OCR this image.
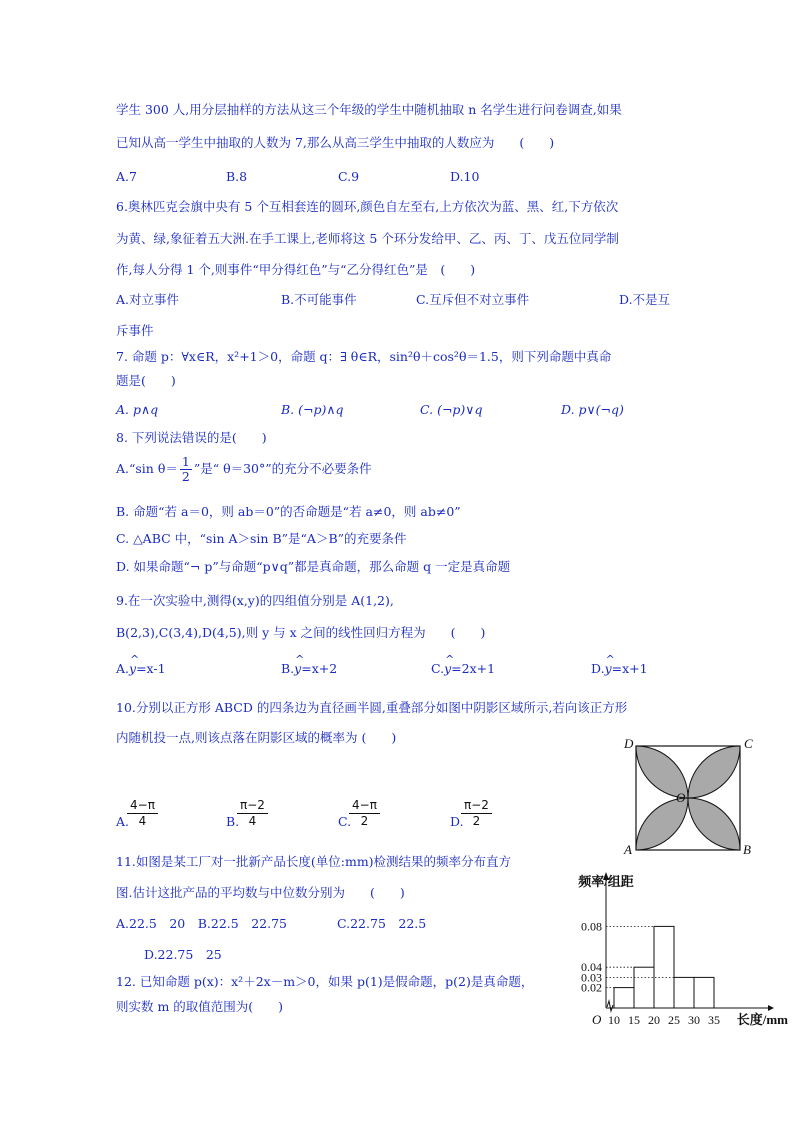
学生 300 人,用分层抽样的方法从这三个年级的学生中随机抽取 n 名学生进行问卷调查,如果
已知从高一学生中抽取的人数为 7,那么从高三学生中抽取的人数应为　　(　　)
A.7	B.8	C.9	D.10
6.奥林匹克会旗中央有 5 个互相套连的圆环,颜色自左至右,上方依次为蓝、黑、红,下方依次
为黄、绿,象征着五大洲.在手工课上,老师将这 5 个环分发给甲、乙、丙、丁、戊五位同学制
作,每人分得 1 个,则事件“甲分得红色”与“乙分得红色”是　(　　)
A.对立事件	B.不可能事件	C.互斥但不对立事件	D.不是互
斥事件
7. 命题 p：∀x∈R，x²+1＞0，命题 q：∃ θ∈R，sin²θ＋cos²θ＝1.5，则下列命题中真命
题是(　　)
A. p∧q	B. (¬p)∧q	C. (¬p)∨q	D. p∨(¬q)
8. 下列说法错误的是(　　)
A.“sin $\theta= \frac{1}{2}$ ”是“ θ＝30°”的充分不必要条件
B. 命题“若 a＝0，则 ab＝0”的否命题是“若 a≠0，则 ab≠0”
C. △ABC 中，“sin A＞sin B”是“A＞B”的充要条件
D. 如果命题“¬ p”与命题“p∨q”都是真命题，那么命题 q 一定是真命题
9.在一次实验中,测得(x,y)的四组值分别是 A(1,2),
B(2,3),C(3,4),D(4,5),则 y 与 x 之间的线性回归方程为　　(　　)
A.^ y=x-1	B.^ y=x+2	C.^ y=2x+1	D.^ y=x+1
10.分别以正方形 ABCD 的四条边为直径画半圆,重叠部分如图中阴影区域所示,若向该正方形
内随机投一点,则该点落在阴影区域的概率为 (　　)
A.
$\frac{4-\pi}{4}$	B.
$\frac{\pi-2}{4}$	C.
$\frac{4-\pi}{2}$	D.
$\frac{\pi-2}{2}$
D	C
A	B
O
11.如图是某工厂对一批新产品长度(单位:mm)检测结果的频率分布直方
图.估计这批产品的平均数与中位数分别为　　(　　)
A.22.5　20　B.22.5　22.75　　　　C.22.75　22.5
D.22.75　25
12. 已知命题 p(x)：x²＋2x－m＞0，如果 p(1)是假命题，p(2)是真命题，
则实数 m 的取值范围为(　　)
0.08
0.04
0.03
0.02
10 15 20 25 30 35
O
频率/组距
长度/mm
